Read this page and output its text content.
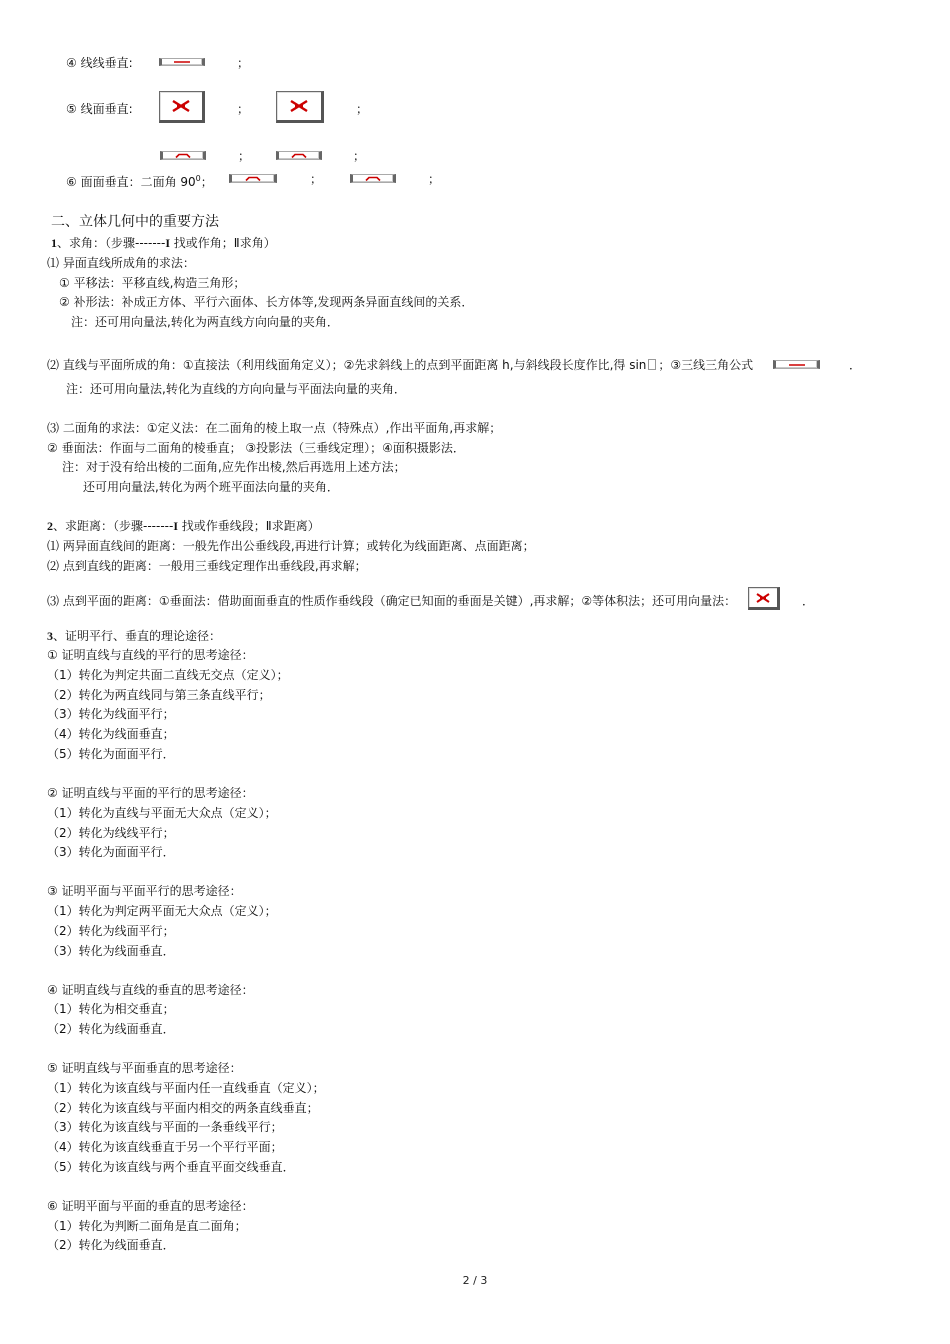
④ 线线垂直:	；
⑤ 线面垂直:	；	；
；	；
⑥ 面面垂直：二面角 $90^0$；	；	；
二、立体几何中的重要方法
1、求角：（步骤-------I 找或作角；Ⅱ求角）
⑴ 异面直线所成角的求法：
① 平移法：平移直线,构造三角形；
② 补形法：补成正方体、平行六面体、长方体等,发现两条异面直线间的关系．
注：还可用向量法,转化为两直线方向向量的夹角．
⑵ 直线与平面所成的角：①直接法（利用线面角定义）；②先求斜线上的点到平面距离 h,与斜线段长度作比,得 sin ；③三线三角公式	．
注：还可用向量法,转化为直线的方向向量与平面法向量的夹角．
⑶ 二面角的求法：①定义法：在二面角的棱上取一点（特殊点）,作出平面角,再求解；
② 垂面法：作面与二面角的棱垂直； ③投影法（三垂线定理）；④面积摄影法．
注：对于没有给出棱的二面角,应先作出棱,然后再选用上述方法；
还可用向量法,转化为两个班平面法向量的夹角．
2、求距离：（步骤-------I 找或作垂线段；Ⅱ求距离）
⑴ 两异面直线间的距离：一般先作出公垂线段,再进行计算；或转化为线面距离、点面距离；
⑵ 点到直线的距离：一般用三垂线定理作出垂线段,再求解；
⑶ 点到平面的距离：①垂面法：借助面面垂直的性质作垂线段（确定已知面的垂面是关键）,再求解；②等体积法；还可用向量法：	．
3、证明平行、垂直的理论途径：
① 证明直线与直线的平行的思考途径：
（1）转化为判定共面二直线无交点（定义）；
（2）转化为两直线同与第三条直线平行；
（3）转化为线面平行；
（4）转化为线面垂直；
（5）转化为面面平行．
② 证明直线与平面的平行的思考途径：
（1）转化为直线与平面无大众点（定义）；
（2）转化为线线平行；
（3）转化为面面平行．
③ 证明平面与平面平行的思考途径：
（1）转化为判定两平面无大众点（定义）；
（2）转化为线面平行；
（3）转化为线面垂直．
④ 证明直线与直线的垂直的思考途径：
（1）转化为相交垂直；
（2）转化为线面垂直．
⑤ 证明直线与平面垂直的思考途径：
（1）转化为该直线与平面内任一直线垂直（定义）；
（2）转化为该直线与平面内相交的两条直线垂直；
（3）转化为该直线与平面的一条垂线平行；
（4）转化为该直线垂直于另一个平行平面；
（5）转化为该直线与两个垂直平面交线垂直．
⑥ 证明平面与平面的垂直的思考途径：
（1）转化为判断二面角是直二面角；
（2）转化为线面垂直．
2 / 3
